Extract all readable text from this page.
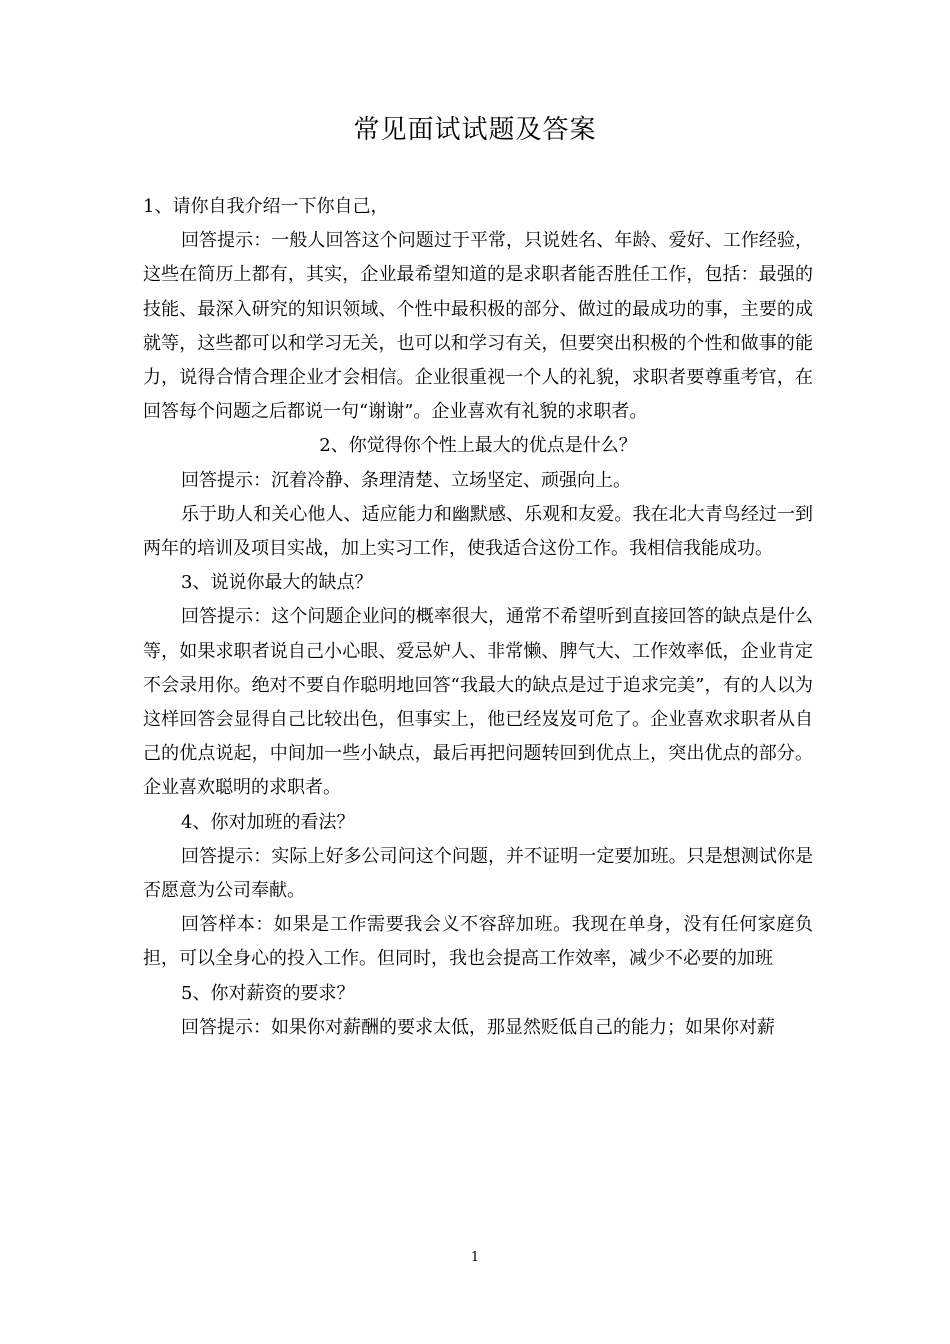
常见面试试题及答案

1、请你自我介绍一下你自己，

回答提示：一般人回答这个问题过于平常，只说姓名、年龄、爱好、工作经验，这些在简历上都有，其实，企业最希望知道的是求职者能否胜任工作，包括：最强的技能、最深入研究的知识领域、个性中最积极的部分、做过的最成功的事，主要的成就等，这些都可以和学习无关，也可以和学习有关，但要突出积极的个性和做事的能力，说得合情合理企业才会相信。企业很重视一个人的礼貌，求职者要尊重考官，在回答每个问题之后都说一句“谢谢”。企业喜欢有礼貌的求职者。

2、你觉得你个性上最大的优点是什么？

回答提示：沉着冷静、条理清楚、立场坚定、顽强向上。

乐于助人和关心他人、适应能力和幽默感、乐观和友爱。我在北大青鸟经过一到两年的培训及项目实战，加上实习工作，使我适合这份工作。我相信我能成功。

3、说说你最大的缺点？

回答提示：这个问题企业问的概率很大，通常不希望听到直接回答的缺点是什么等，如果求职者说自己小心眼、爱忌妒人、非常懒、脾气大、工作效率低，企业肯定不会录用你。绝对不要自作聪明地回答“我最大的缺点是过于追求完美”，有的人以为这样回答会显得自己比较出色，但事实上，他已经岌岌可危了。企业喜欢求职者从自己的优点说起，中间加一些小缺点，最后再把问题转回到优点上，突出优点的部分。企业喜欢聪明的求职者。

4、你对加班的看法？

回答提示：实际上好多公司问这个问题，并不证明一定要加班。只是想测试你是否愿意为公司奉献。

回答样本：如果是工作需要我会义不容辞加班。我现在单身，没有任何家庭负担，可以全身心的投入工作。但同时，我也会提高工作效率，减少不必要的加班

5、你对薪资的要求？

回答提示：如果你对薪酬的要求太低，那显然贬低自己的能力；如果你对薪

1
